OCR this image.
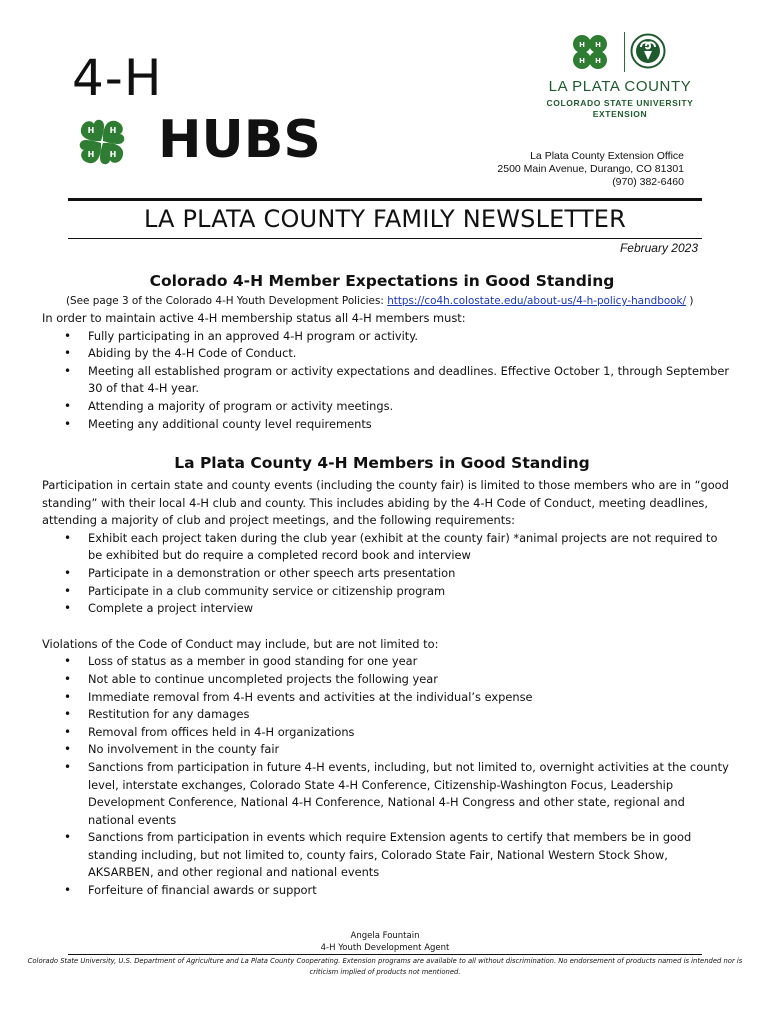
4-H
H H
H
H HUBS
H H
H H
LA PLATA COUNTY
COLORADO STATE UNIVERSITY
EXTENSION
La Plata County Extension Office
2500 Main Avenue, Durango, CO 81301
(970) 382-6460
LA PLATA COUNTY FAMILY NEWSLETTER
February 2023
Colorado 4-H Member Expectations in Good Standing
(See page 3 of the Colorado 4-H Youth Development Policies: https://co4h.colostate.edu/about-us/4-h-policy-handbook/ )

In order to maintain active 4-H membership status all 4-H members must:

• Fully participating in an approved 4-H program or activity.
• Abiding by the 4-H Code of Conduct.
• Meeting all established program or activity expectations and deadlines. Effective October 1, through September 30 of that 4-H year.
• Attending a majority of program or activity meetings.
• Meeting any additional county level requirements
La Plata County 4-H Members in Good Standing

Participation in certain state and county events (including the county fair) is limited to those members who are in “good standing” with their local 4-H club and county. This includes abiding by the 4-H Code of Conduct, meeting deadlines, attending a majority of club and project meetings, and the following requirements:

• Exhibit each project taken during the club year (exhibit at the county fair) *animal projects are not required to be exhibited but do require a completed record book and interview
• Participate in a demonstration or other speech arts presentation
• Participate in a club community service or citizenship program
• Complete a project interview

Violations of the Code of Conduct may include, but are not limited to:

• Loss of status as a member in good standing for one year
• Not able to continue uncompleted projects the following year
• Immediate removal from 4-H events and activities at the individual’s expense
• Restitution for any damages
• Removal from offices held in 4-H organizations
• No involvement in the county fair
• Sanctions from participation in future 4-H events, including, but not limited to, overnight activities at the county level, interstate exchanges, Colorado State 4-H Conference, Citizenship-Washington Focus, Leadership Development Conference, National 4-H Conference, National 4-H Congress and other state, regional and national events
• Sanctions from participation in events which require Extension agents to certify that members be in good standing including, but not limited to, county fairs, Colorado State Fair, National Western Stock Show, AKSARBEN, and other regional and national events
• Forfeiture of financial awards or support
Angela Fountain
4-H Youth Development Agent
Colorado State University, U.S. Department of Agriculture and La Plata County Cooperating. Extension programs are available to all without discrimination. No endorsement of products named is intended nor is criticism implied of products not mentioned.
